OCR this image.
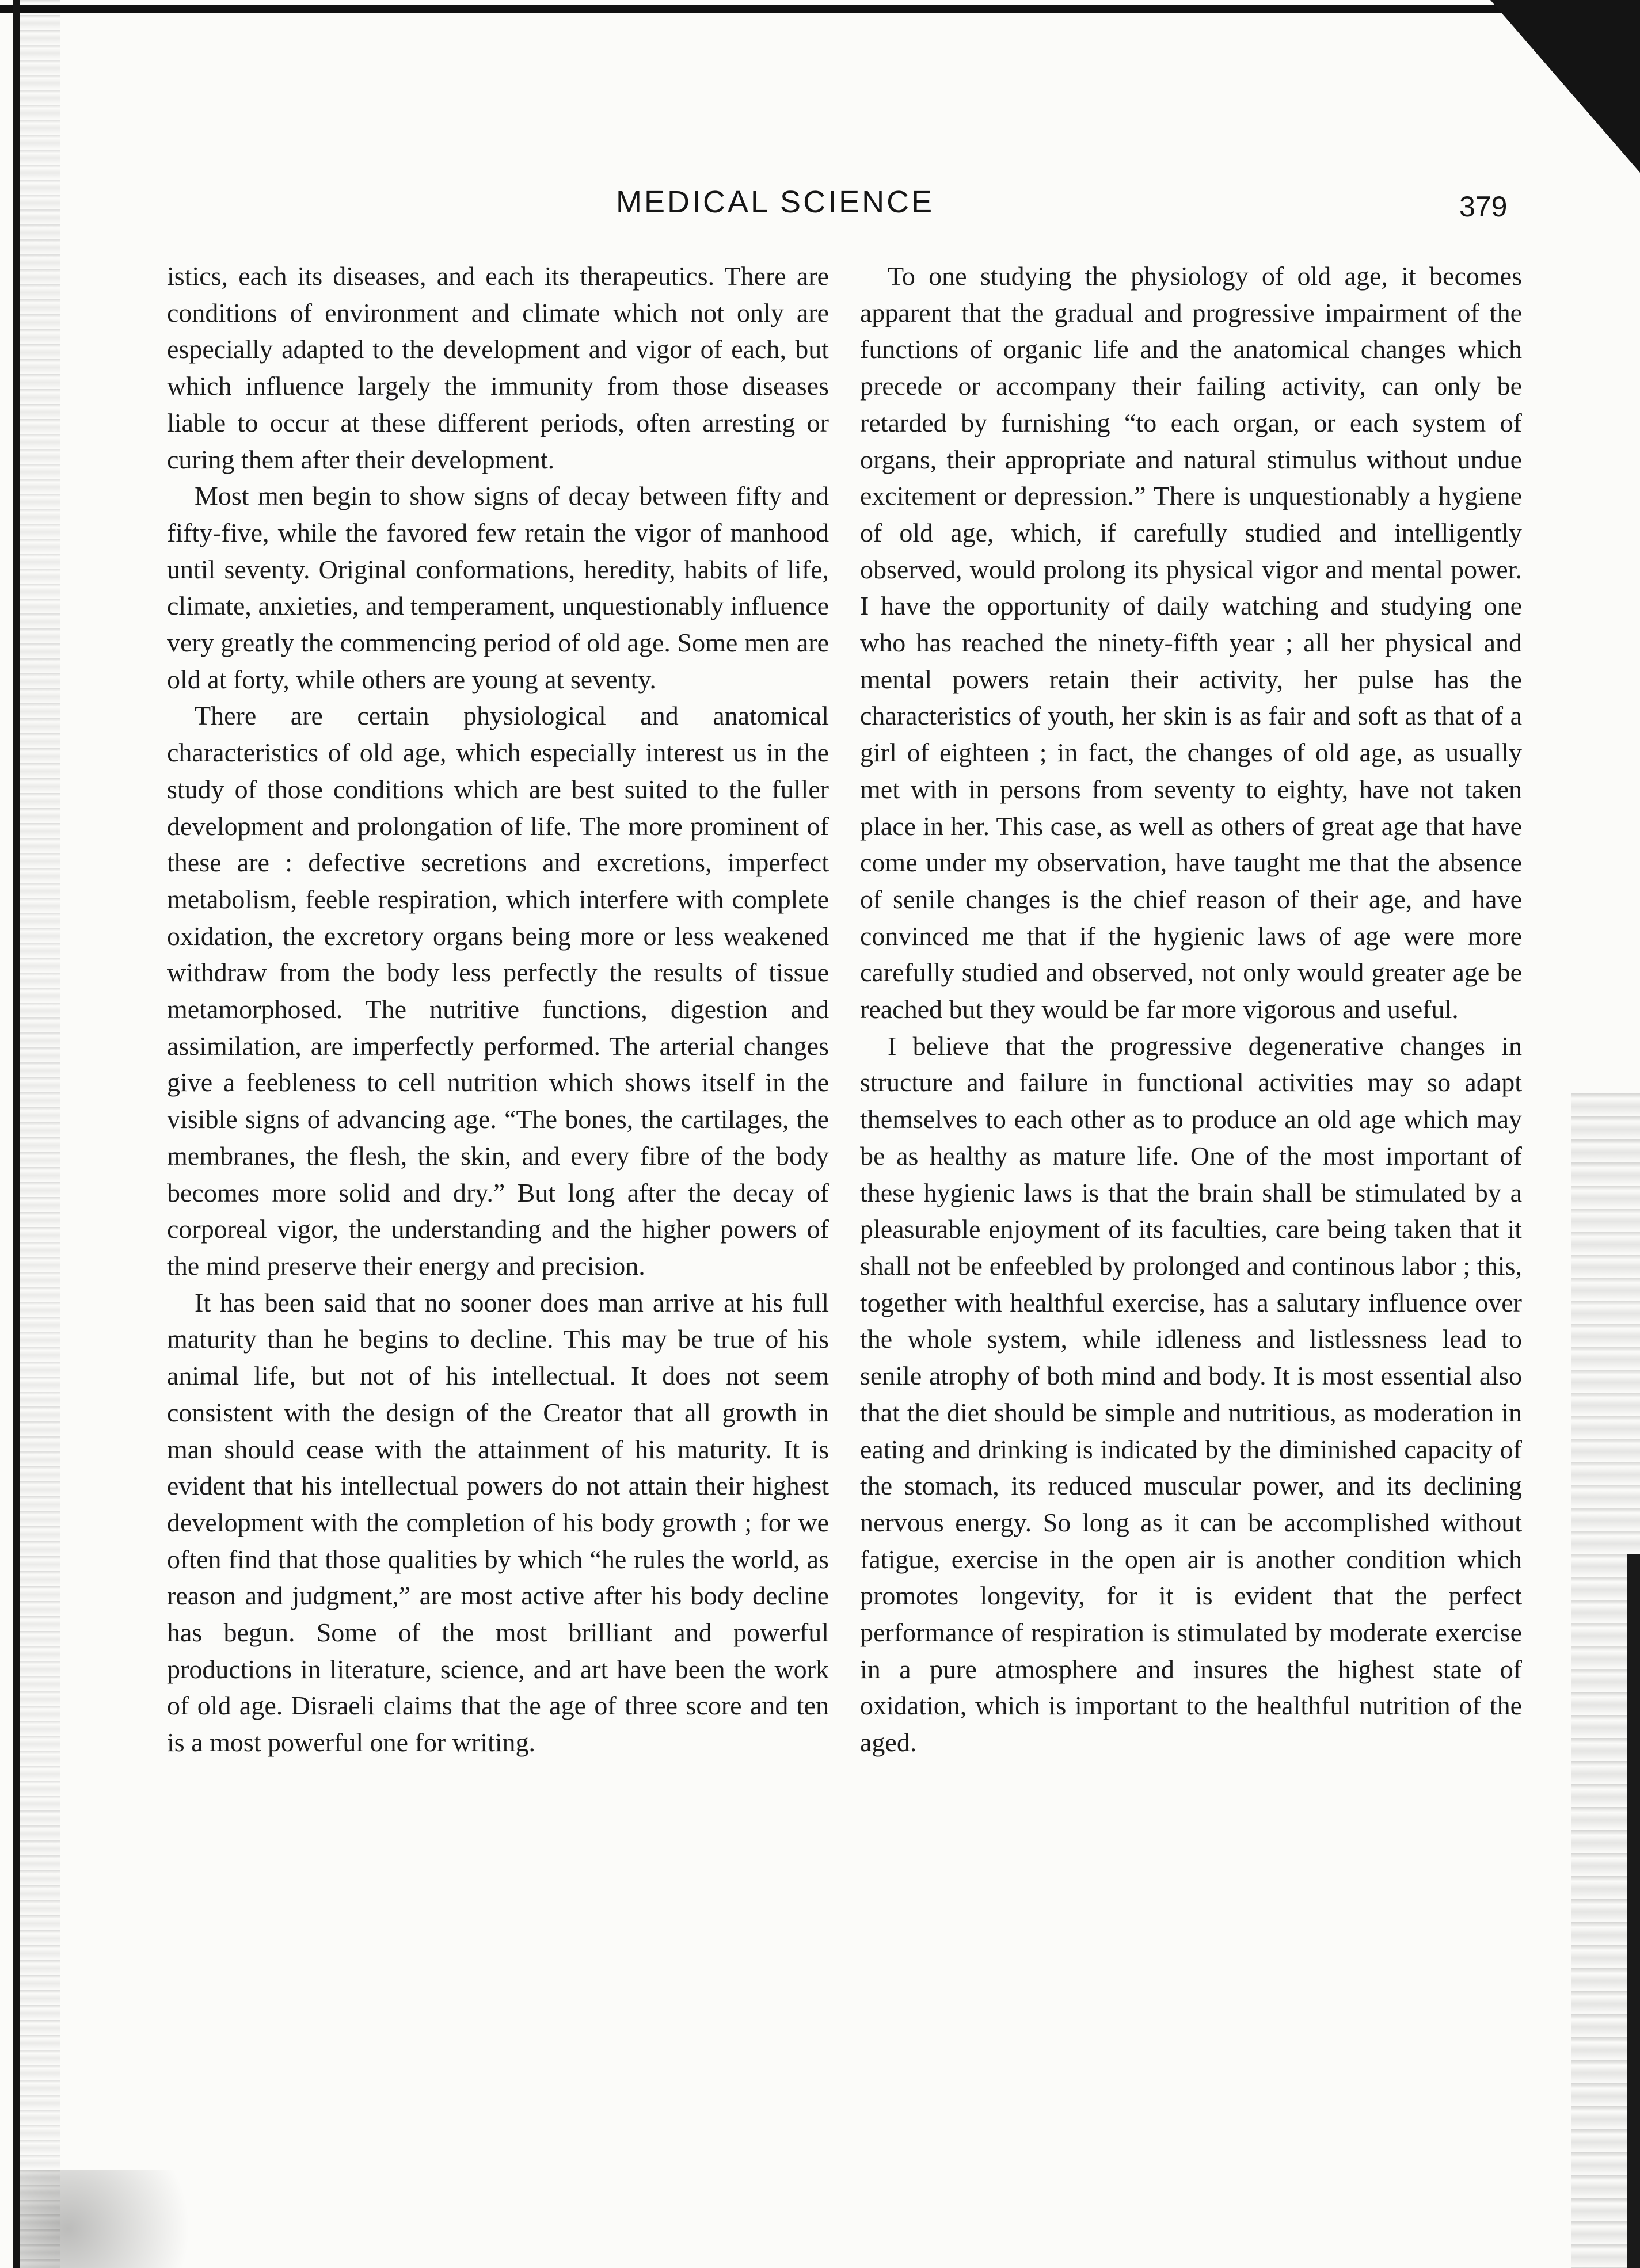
MEDICAL SCIENCE	379

istics, each its diseases, and each its therapeutics. There are conditions of environment and climate which not only are especially adapted to the development and vigor of each, but which influence largely the immunity from those diseases liable to occur at these different periods, often arresting or curing them after their development.

Most men begin to show signs of decay between fifty and fifty-five, while the favored few retain the vigor of manhood until seventy. Original conformations, heredity, habits of life, climate, anxieties, and temperament, unquestionably influence very greatly the commencing period of old age. Some men are old at forty, while others are young at seventy.

There are certain physiological and anatomical characteristics of old age, which especially interest us in the study of those conditions which are best suited to the fuller development and prolongation of life. The more prominent of these are : defective secretions and excretions, imperfect metabolism, feeble respiration, which interfere with complete oxidation, the excretory organs being more or less weakened withdraw from the body less perfectly the results of tissue metamorphosed. The nutritive functions, digestion and assimilation, are imperfectly performed. The arterial changes give a feebleness to cell nutrition which shows itself in the visible signs of advancing age. “The bones, the cartilages, the membranes, the flesh, the skin, and every fibre of the body becomes more solid and dry.” But long after the decay of corporeal vigor, the understanding and the higher powers of the mind preserve their energy and precision.

It has been said that no sooner does man arrive at his full maturity than he begins to decline. This may be true of his animal life, but not of his intellectual. It does not seem consistent with the design of the Creator that all growth in man should cease with the attainment of his maturity. It is evident that his intellectual powers do not attain their highest development with the completion of his body growth ; for we often find that those qualities by which “he rules the world, as reason and judgment,” are most active after his body decline has begun. Some of the most brilliant and powerful productions in literature, science, and art have been the work of old age. Disraeli claims that the age of three score and ten is a most powerful one for writing.

To one studying the physiology of old age, it becomes apparent that the gradual and progressive impairment of the functions of organic life and the anatomical changes which precede or accompany their failing activity, can only be retarded by furnishing “to each organ, or each system of organs, their appropriate and natural stimulus without undue excitement or depression.” There is unquestionably a hygiene of old age, which, if carefully studied and intelligently observed, would prolong its physical vigor and mental power. I have the opportunity of daily watching and studying one who has reached the ninety-fifth year ; all her physical and mental powers retain their activity, her pulse has the characteristics of youth, her skin is as fair and soft as that of a girl of eighteen ; in fact, the changes of old age, as usually met with in persons from seventy to eighty, have not taken place in her. This case, as well as others of great age that have come under my observation, have taught me that the absence of senile changes is the chief reason of their age, and have convinced me that if the hygienic laws of age were more carefully studied and observed, not only would greater age be reached but they would be far more vigorous and useful.

I believe that the progressive degenerative changes in structure and failure in functional activities may so adapt themselves to each other as to produce an old age which may be as healthy as mature life. One of the most important of these hygienic laws is that the brain shall be stimulated by a pleasurable enjoyment of its faculties, care being taken that it shall not be enfeebled by prolonged and continous labor ; this, together with healthful exercise, has a salutary influence over the whole system, while idleness and listlessness lead to senile atrophy of both mind and body. It is most essential also that the diet should be simple and nutritious, as moderation in eating and drinking is indicated by the diminished capacity of the stomach, its reduced muscular power, and its declining nervous energy. So long as it can be accomplished without fatigue, exercise in the open air is another condition which promotes longevity, for it is evident that the perfect performance of respiration is stimulated by moderate exercise in a pure atmosphere and insures the highest state of oxidation, which is important to the healthful nutrition of the aged.
